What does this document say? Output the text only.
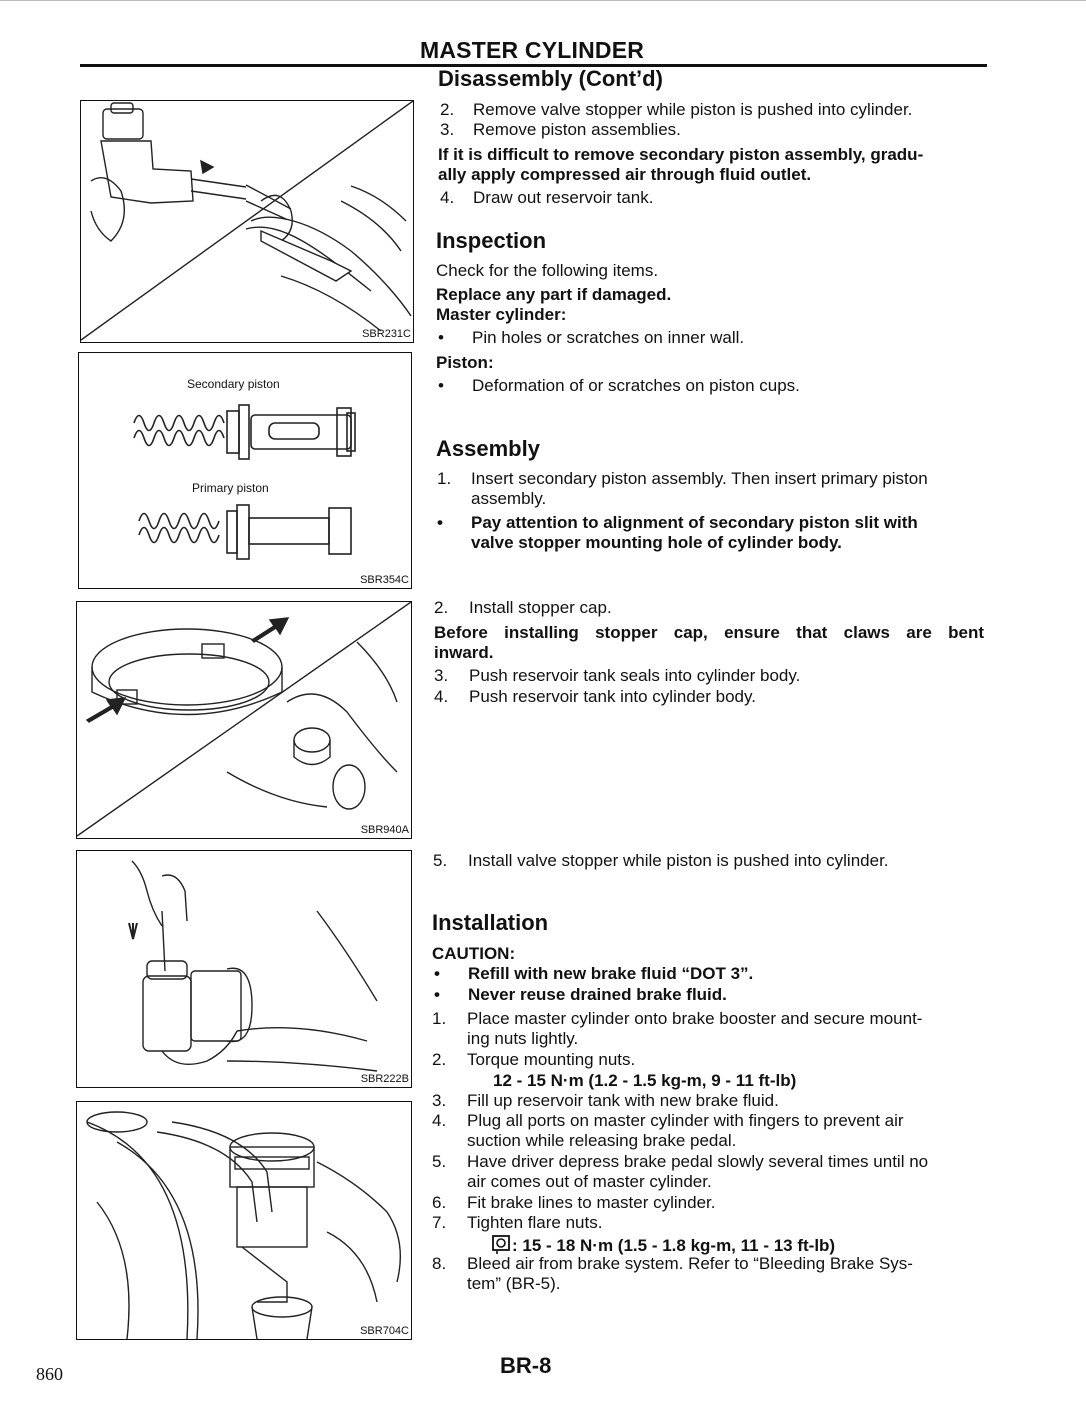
MASTER CYLINDER
SBR231C
Secondary piston
Primary piston
SBR354C
SBR940A
SBR222B
SBR704C
Disassembly (Cont’d)
2. Remove valve stopper while piston is pushed into cylinder.
3. Remove piston assemblies.
If it is difficult to remove secondary piston assembly, gradu-
ally apply compressed air through fluid outlet.
4. Draw out reservoir tank.
Inspection
Check for the following items.
Replace any part if damaged.
Master cylinder:
• Pin holes or scratches on inner wall.
Piston:
• Deformation of or scratches on piston cups.
Assembly
1. Insert secondary piston assembly. Then insert primary piston
assembly.
• Pay attention to alignment of secondary piston slit with
valve stopper mounting hole of cylinder body.
2. Install stopper cap.
Before installing stopper cap, ensure that claws are bent
inward.
3. Push reservoir tank seals into cylinder body.
4. Push reservoir tank into cylinder body.
5. Install valve stopper while piston is pushed into cylinder.
Installation
CAUTION:
• Refill with new brake fluid “DOT 3”.
• Never reuse drained brake fluid.
1. Place master cylinder onto brake booster and secure mount-
ing nuts lightly.
2. Torque mounting nuts.
12 - 15 N·m (1.2 - 1.5 kg-m, 9 - 11 ft-lb)
3. Fill up reservoir tank with new brake fluid.
4. Plug all ports on master cylinder with fingers to prevent air
suction while releasing brake pedal.
5. Have driver depress brake pedal slowly several times until no
air comes out of master cylinder.
6. Fit brake lines to master cylinder.
7. Tighten flare nuts.
: 15 - 18 N·m (1.5 - 1.8 kg-m, 11 - 13 ft-lb)
8. Bleed air from brake system. Refer to “Bleeding Brake Sys-
tem” (BR-5).
860	BR-8
